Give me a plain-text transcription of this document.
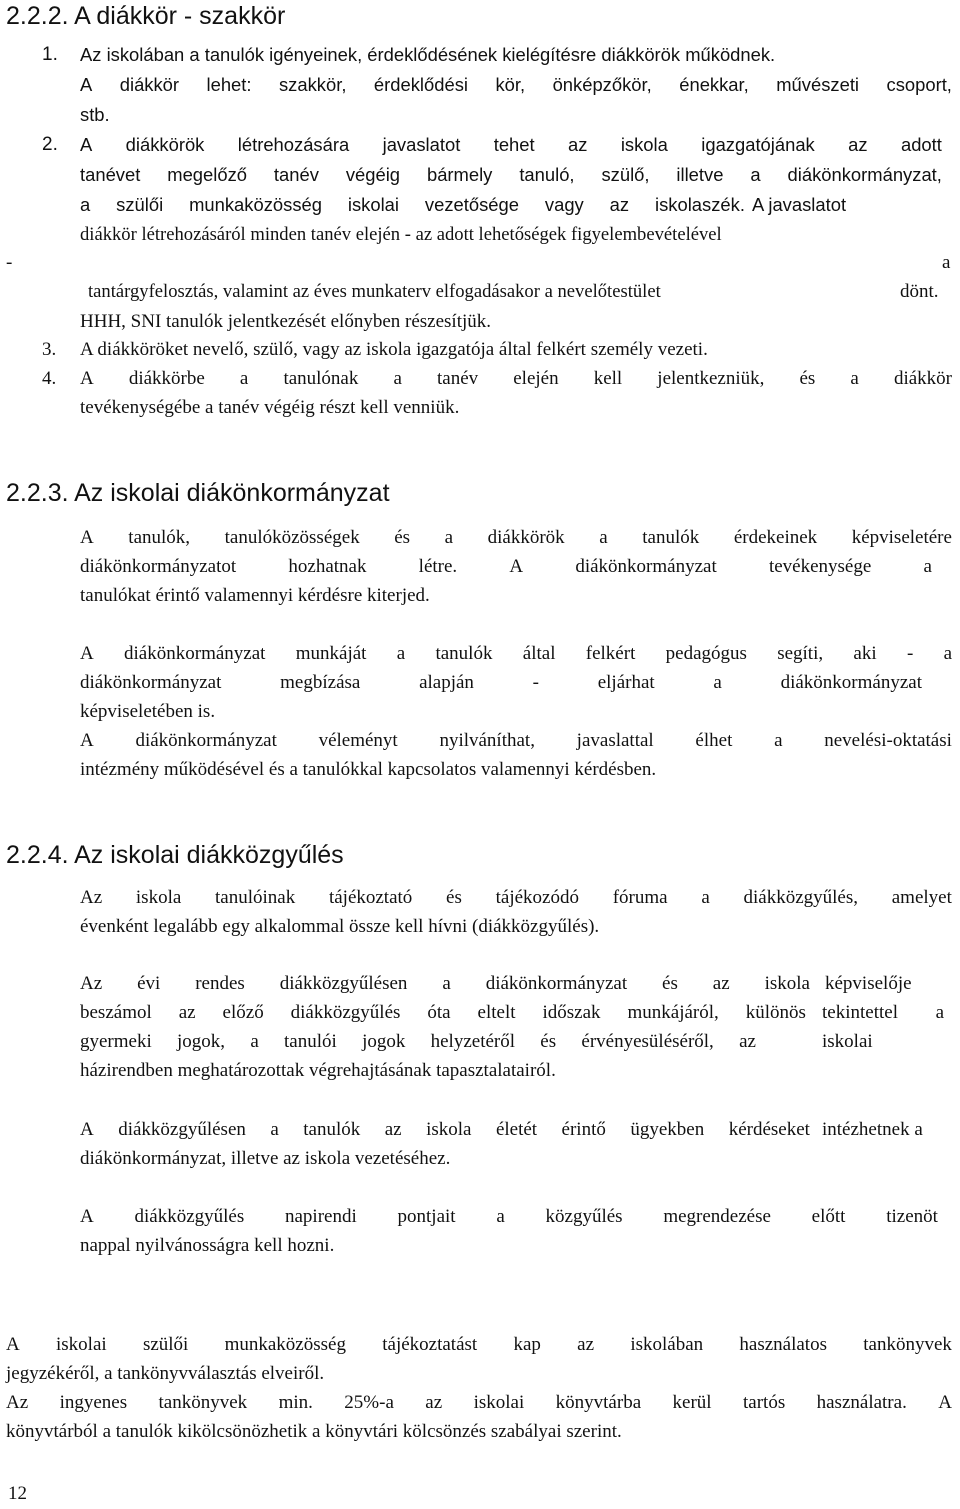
2.2.2. A diákkör - szakkör
1. Az iskolában a tanulók igényeinek, érdeklődésének kielégítésre diákkörök működnek.
A diákkör lehet: szakkör, érdeklődési kör, önképzőkör, énekkar, művészeti csoport,
stb.
2. A diákkörök létrehozására javaslatot tehet az iskola igazgatójának az adott
tanévet megelőző tanév végéig bármely tanuló, szülő, illetve a diákönkormányzat,
a szülői munkaközösség iskolai vezetősége vagy az iskolaszék. A javaslatot
diákkör létrehozásáról minden tanév elején - az adott lehetőségek figyelembevételével
-	a
tantárgyfelosztás, valamint az éves munkaterv elfogadásakor a nevelőtestület	dönt.
HHH, SNI tanulók jelentkezését előnyben részesítjük.
3. A diákköröket nevelő, szülő, vagy az iskola igazgatója által felkért személy vezeti.
4. A diákkörbe a tanulónak a tanév elején kell jelentkezniük, és a diákkör
tevékenységébe a tanév végéig részt kell venniük.
2.2.3. Az iskolai diákönkormányzat
A tanulók, tanulóközösségek és a diákkörök a tanulók érdekeinek képviseletére
diákönkormányzatot	hozhatnak	létre.	A	diákönkormányzat	tevékenysége	a
tanulókat érintő valamennyi kérdésre kiterjed.
A diákönkormányzat munkáját a tanulók által felkért pedagógus segíti, aki - a
diákönkormányzat	megbízása	alapján	-	eljárhat	a	diákönkormányzat
képviseletében is.
A diákönkormányzat véleményt nyilváníthat, javaslattal élhet a nevelési-oktatási
intézmény működésével és a tanulókkal kapcsolatos valamennyi kérdésben.
2.2.4. Az iskolai diákközgyűlés
Az iskola tanulóinak tájékoztató és tájékozódó fóruma a diákközgyűlés, amelyet
évenként legalább egy alkalommal össze kell hívni (diákközgyűlés).
Az évi rendes diákközgyűlésen a diákönkormányzat és az iskola képviselője
beszámol az előző diákközgyűlés óta eltelt időszak munkájáról, különös tekintettel a
gyermeki jogok, a tanulói jogok helyzetéről és érvényesüléséről, az	iskolai
házirendben meghatározottak végrehajtásának tapasztalatairól.
A diákközgyűlésen a tanulók az iskola életét érintő ügyekben kérdéseket intézhetnek a
diákönkormányzat, illetve az iskola vezetéséhez.
A diákközgyűlés napirendi pontjait a közgyűlés megrendezése előtt tizenöt
nappal nyilvánosságra kell hozni.
A iskolai szülői munkaközösség tájékoztatást kap az iskolában használatos tankönyvek
jegyzékéről, a tankönyvválasztás elveiről.
Az ingyenes tankönyvek min. 25%-a az iskolai könyvtárba kerül tartós használatra. A
könyvtárból a tanulók kikölcsönözhetik a könyvtári kölcsönzés szabályai szerint.
12
